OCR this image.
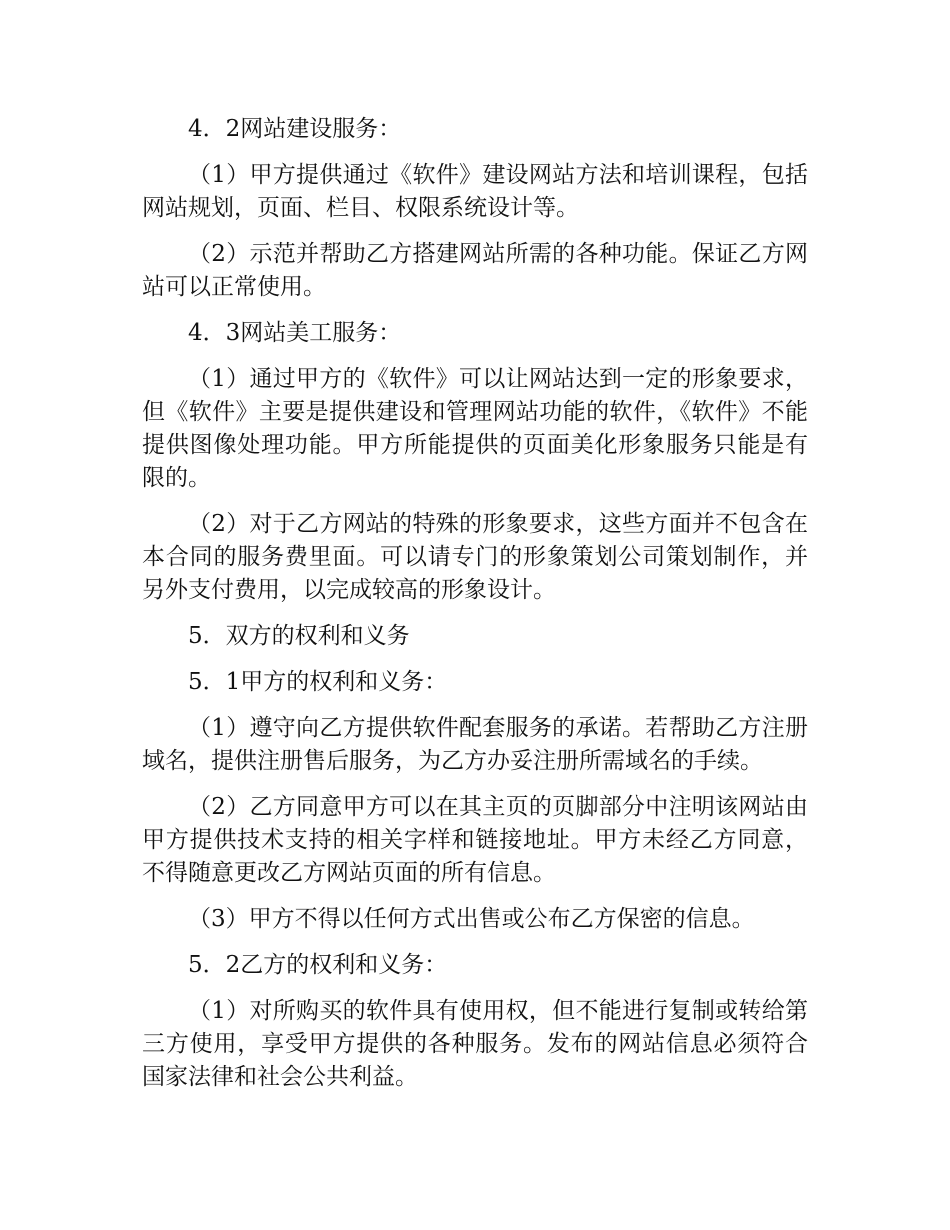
4．2网站建设服务：

（1）甲方提供通过《软件》建设网站方法和培训课程，包括网站规划，页面、栏目、权限系统设计等。

（2）示范并帮助乙方搭建网站所需的各种功能。保证乙方网站可以正常使用。

4．3网站美工服务：

（1）通过甲方的《软件》可以让网站达到一定的形象要求，但《软件》主要是提供建设和管理网站功能的软件，《软件》不能提供图像处理功能。甲方所能提供的页面美化形象服务只能是有限的。

（2）对于乙方网站的特殊的形象要求，这些方面并不包含在本合同的服务费里面。可以请专门的形象策划公司策划制作，并另外支付费用，以完成较高的形象设计。

5．双方的权利和义务

5．1甲方的权利和义务：

（1）遵守向乙方提供软件配套服务的承诺。若帮助乙方注册域名，提供注册售后服务，为乙方办妥注册所需域名的手续。

（2）乙方同意甲方可以在其主页的页脚部分中注明该网站由甲方提供技术支持的相关字样和链接地址。甲方未经乙方同意，不得随意更改乙方网站页面的所有信息。

（3）甲方不得以任何方式出售或公布乙方保密的信息。

5．2乙方的权利和义务：

（1）对所购买的软件具有使用权，但不能进行复制或转给第三方使用，享受甲方提供的各种服务。发布的网站信息必须符合国家法律和社会公共利益。
